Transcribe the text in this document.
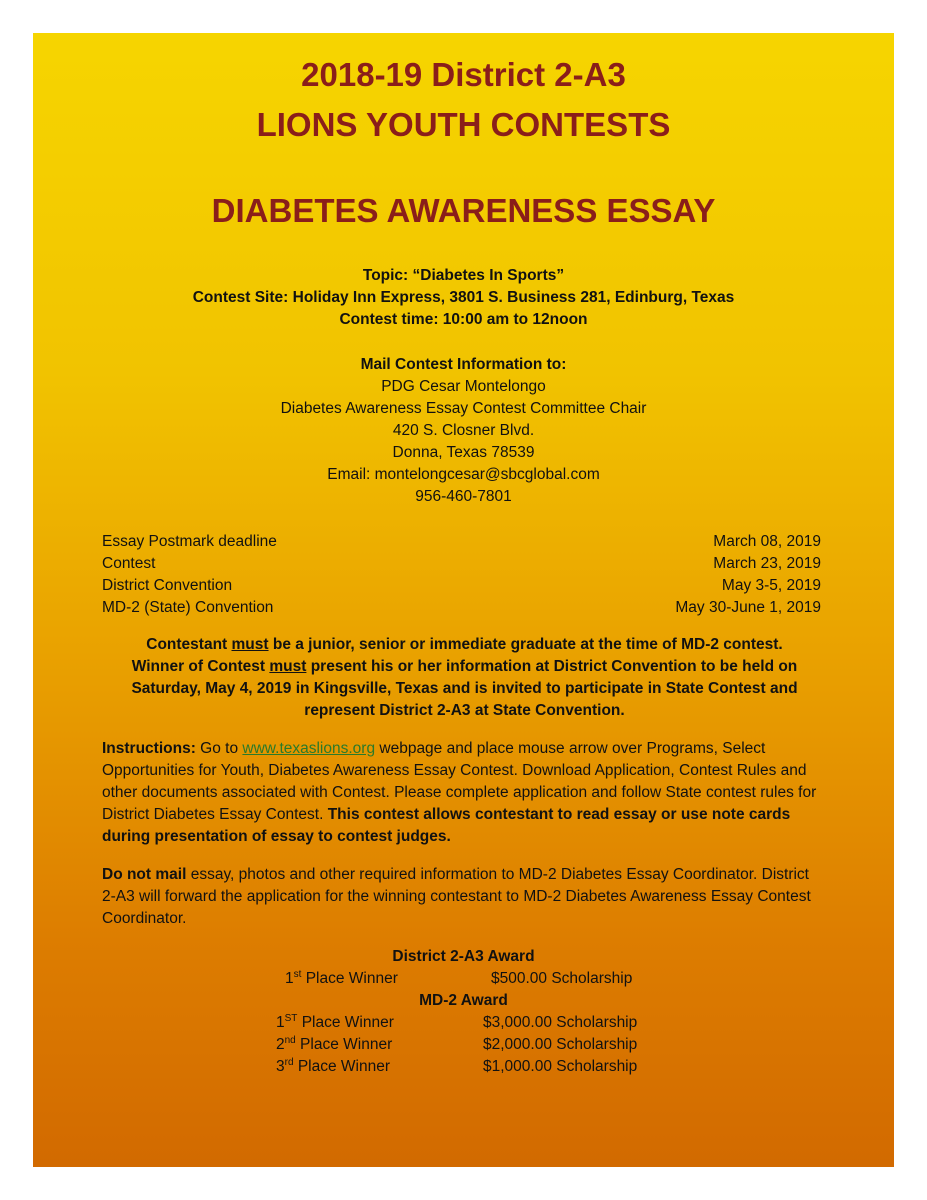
2018-19 District 2-A3

LIONS YOUTH CONTESTS

DIABETES AWARENESS ESSAY

Topic: “Diabetes In Sports”

Contest Site: Holiday Inn Express, 3801 S. Business 281, Edinburg, Texas

Contest time: 10:00 am to 12noon

Mail Contest Information to:

PDG Cesar Montelongo

Diabetes Awareness Essay Contest Committee Chair

420 S. Closner Blvd.

Donna, Texas 78539

Email: montelongcesar@sbcglobal.com

956-460-7801

Essay Postmark deadline	March 08, 2019
Contest	March 23, 2019
District Convention	May 3-5, 2019
MD-2 (State) Convention	May 30-June 1, 2019

Contestant must be a junior, senior or immediate graduate at the time of MD-2 contest.
Winner of Contest must present his or her information at District Convention to be held on Saturday, May 4, 2019 in Kingsville, Texas and is invited to participate in State Contest and represent District 2-A3 at State Convention.

Instructions: Go to www.texaslions.org webpage and place mouse arrow over Programs, Select Opportunities for Youth, Diabetes Awareness Essay Contest. Download Application, Contest Rules and other documents associated with Contest. Please complete application and follow State contest rules for District Diabetes Essay Contest. This contest allows contestant to read essay or use note cards during presentation of essay to contest judges.

Do not mail essay, photos and other required information to MD-2 Diabetes Essay Coordinator. District 2-A3 will forward the application for the winning contestant to MD-2 Diabetes Awareness Essay Contest Coordinator.

District 2-A3 Award

1st Place Winner	$500.00 Scholarship

MD-2 Award

1ST Place Winner	$3,000.00 Scholarship
2nd Place Winner	$2,000.00 Scholarship
3rd Place Winner	$1,000.00 Scholarship
